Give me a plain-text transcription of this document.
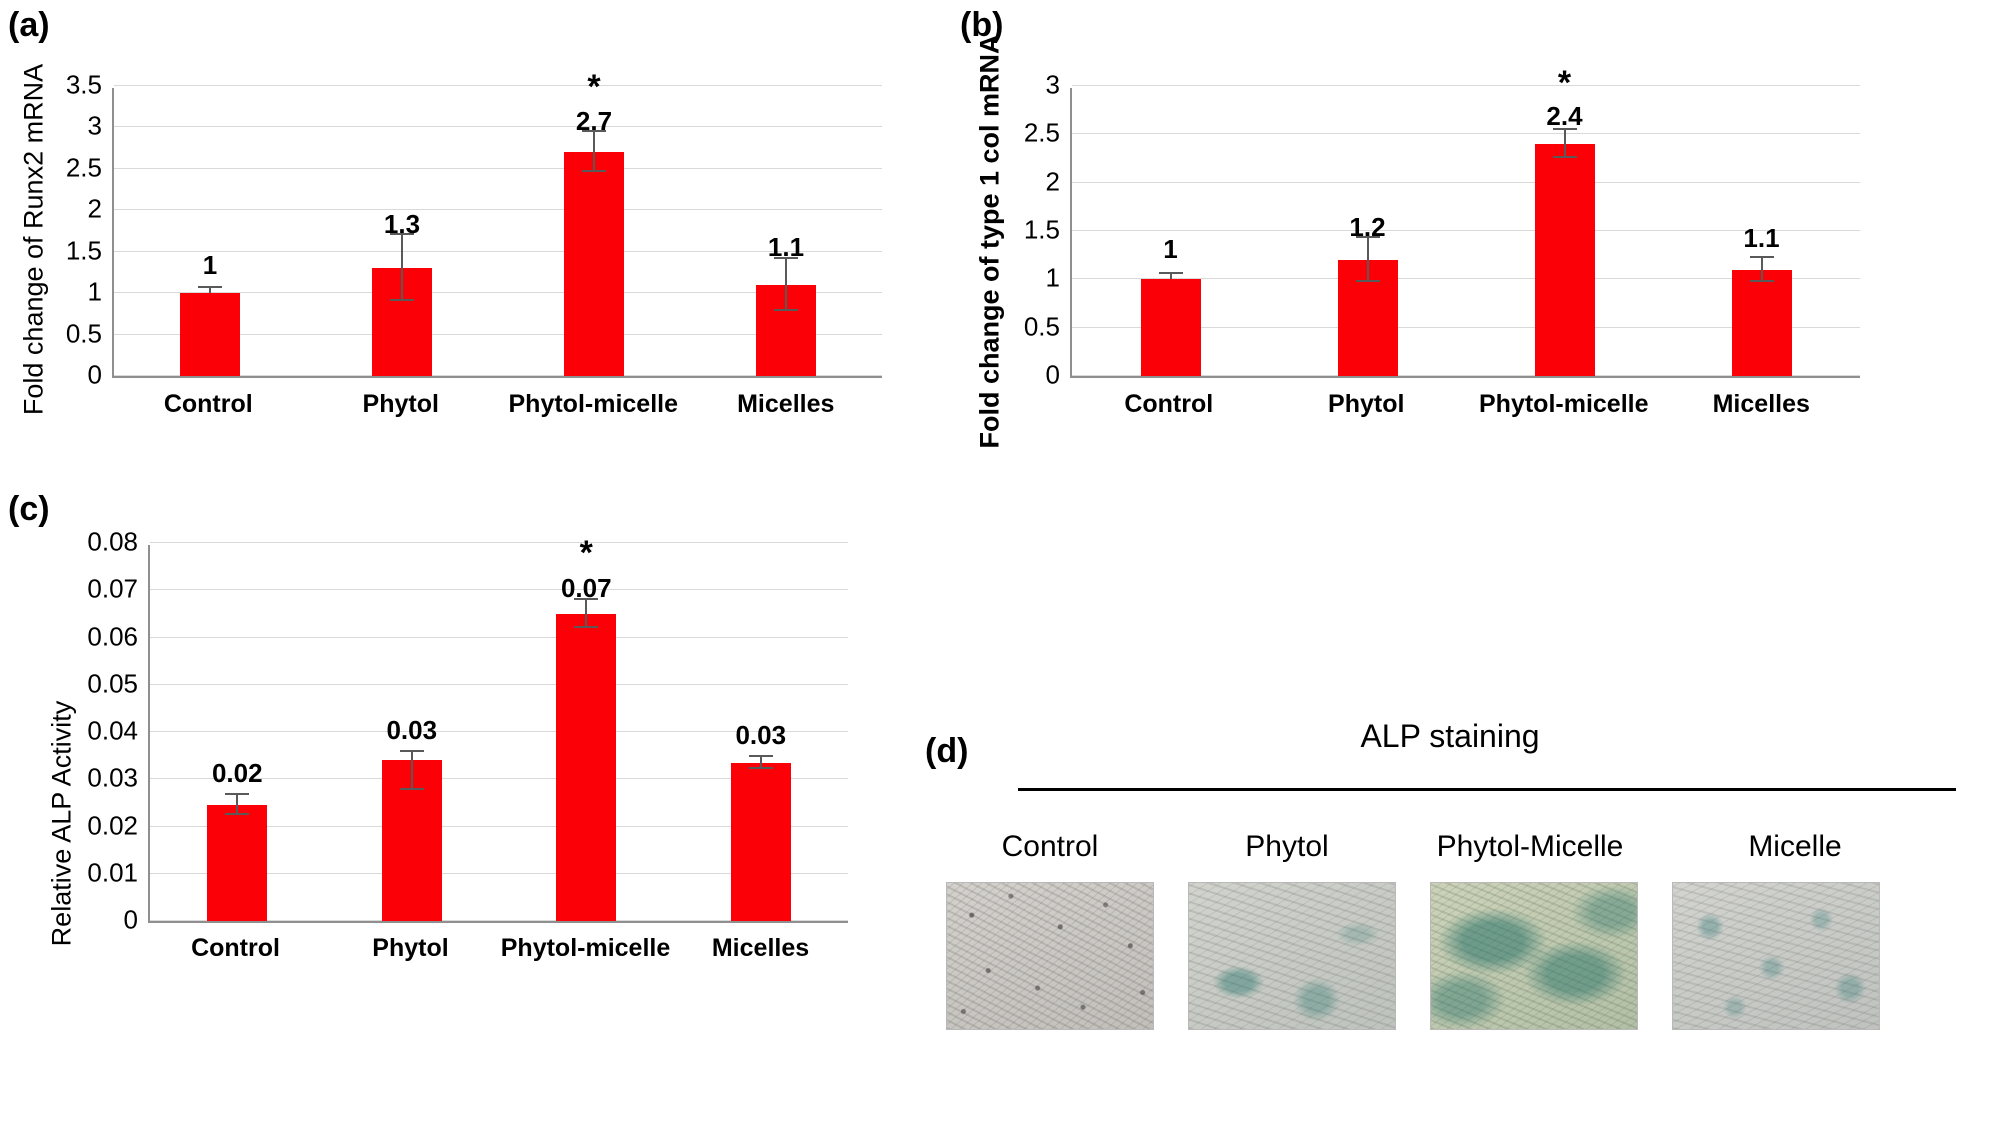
(a)
Fold change of Runx2 mRNA 3.5
3
2.5
2
1.5
1
0.5
0
1
1.3
2.7
*
1.1
Control	Phytol	Phytol-micelle	Micelles
(b)
Fold change of type 1 col mRNA 3
2.5
2
1.5
1
0.5
0
1
1.2
2.4
*
1.1
Control	Phytol	Phytol-micelle	Micelles
(c)
Relative ALP Activity
0.08
0.07
0.06
0.05
0.04
0.03
0.02
0.01
0
0.02
0.03
0.07
*
0.03
Control	Phytol	Phytol-micelle	Micelles
(d)	ALP staining
Control	Phytol	Phytol-Micelle	Micelle
